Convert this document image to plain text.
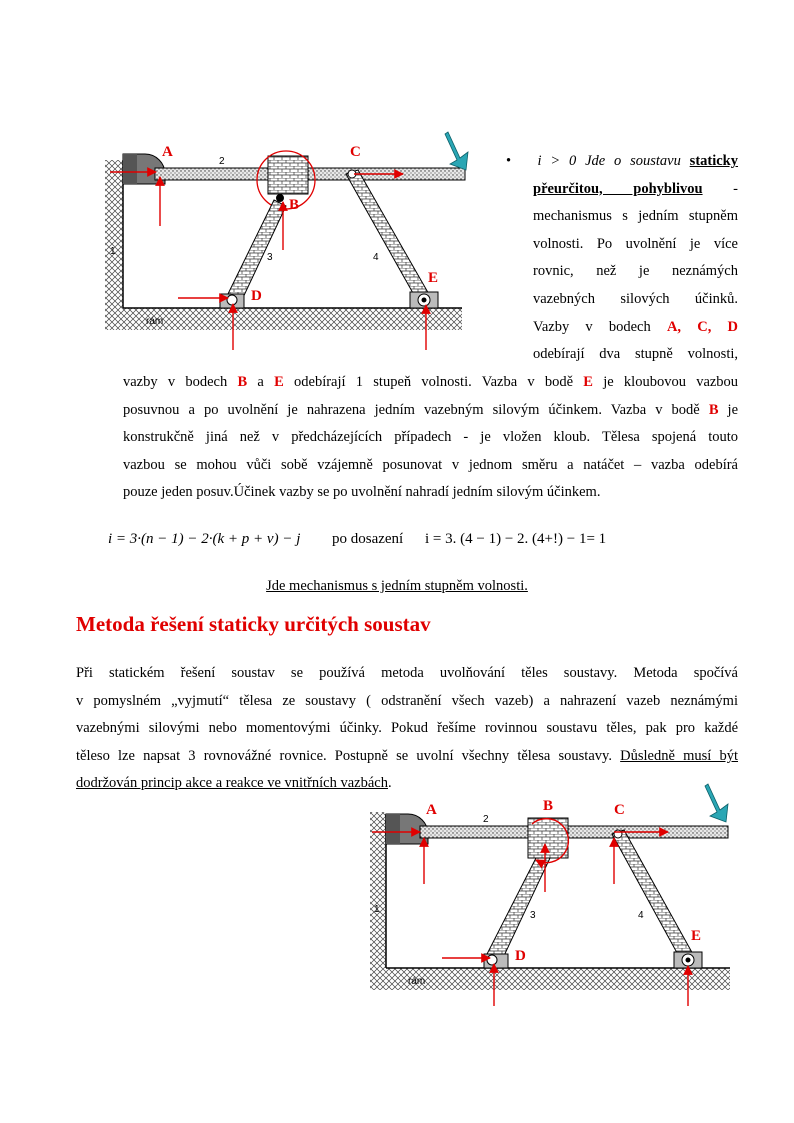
A
B
C
D
E
1
2
3	4
rám
•   i > 0 Jde o soustavu staticky
přeurčitou, pohyblivou -
mechanismus s jedním stupněm
volnosti. Po uvolnění je více
rovnic, než je neznámých
vazebných silových účinků.
Vazby v bodech A, C, D
odebírají dva stupně volnosti,
vazby v bodech B a E odebírají 1 stupeň volnosti. Vazba v bodě E je kloubovou vazbou
posuvnou a po uvolnění je nahrazena jedním vazebným silovým účinkem. Vazba v bodě B je
konstrukčně jiná než v předcházejících případech - je vložen kloub. Tělesa spojená touto
vazbou se mohou vůči sobě vzájemně posunovat v jednom směru a natáčet – vazba odebírá
pouze jeden posuv.Účinek vazby se po uvolnění nahradí jedním silovým účinkem.
i = 3·(n − 1) − 2·(k + p + v) − j po dosazení i = 3. (4 − 1) − 2. (4+!) − 1= 1
Jde mechanismus s jedním stupněm volnosti.
Metoda řešení staticky určitých soustav
Při statickém řešení soustav se používá metoda uvolňování těles soustavy. Metoda spočívá
v pomyslném „vyjmutí“ tělesa ze soustavy ( odstranění všech vazeb) a nahrazení vazeb neznámými
vazebnými silovými nebo momentovými účinky. Pokud řešíme rovinnou soustavu těles, pak pro každé
těleso lze napsat 3 rovnovážné rovnice. Postupně se uvolní všechny tělesa soustavy. Důsledně musí být
dodržován princip akce a reakce ve vnitřních vazbách.
A	B	C
D
E
1
2
3	4
rám
